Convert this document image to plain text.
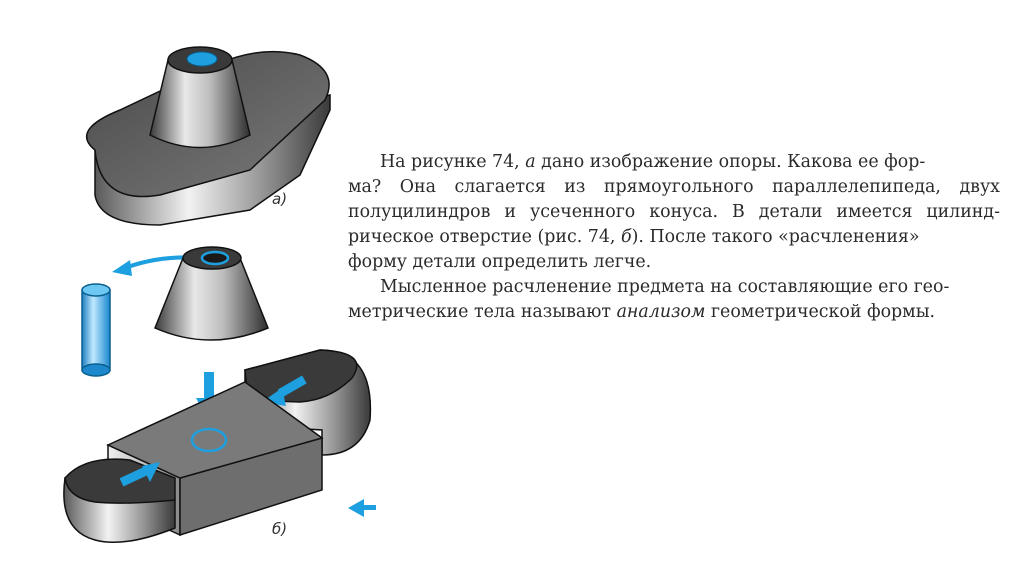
а)
б)
На рисунке 74, а дано изображение опоры. Какова ее фор-
ма? Она слагается из прямоугольного параллелепипеда, двух
полуцилиндров и усеченного конуса. В детали имеется цилинд-
рическое отверстие (рис. 74, б). После такого «расчленения»
форму детали определить легче.
Мысленное расчленение предмета на составляющие его гео-
метрические тела называют анализом геометрической формы.
